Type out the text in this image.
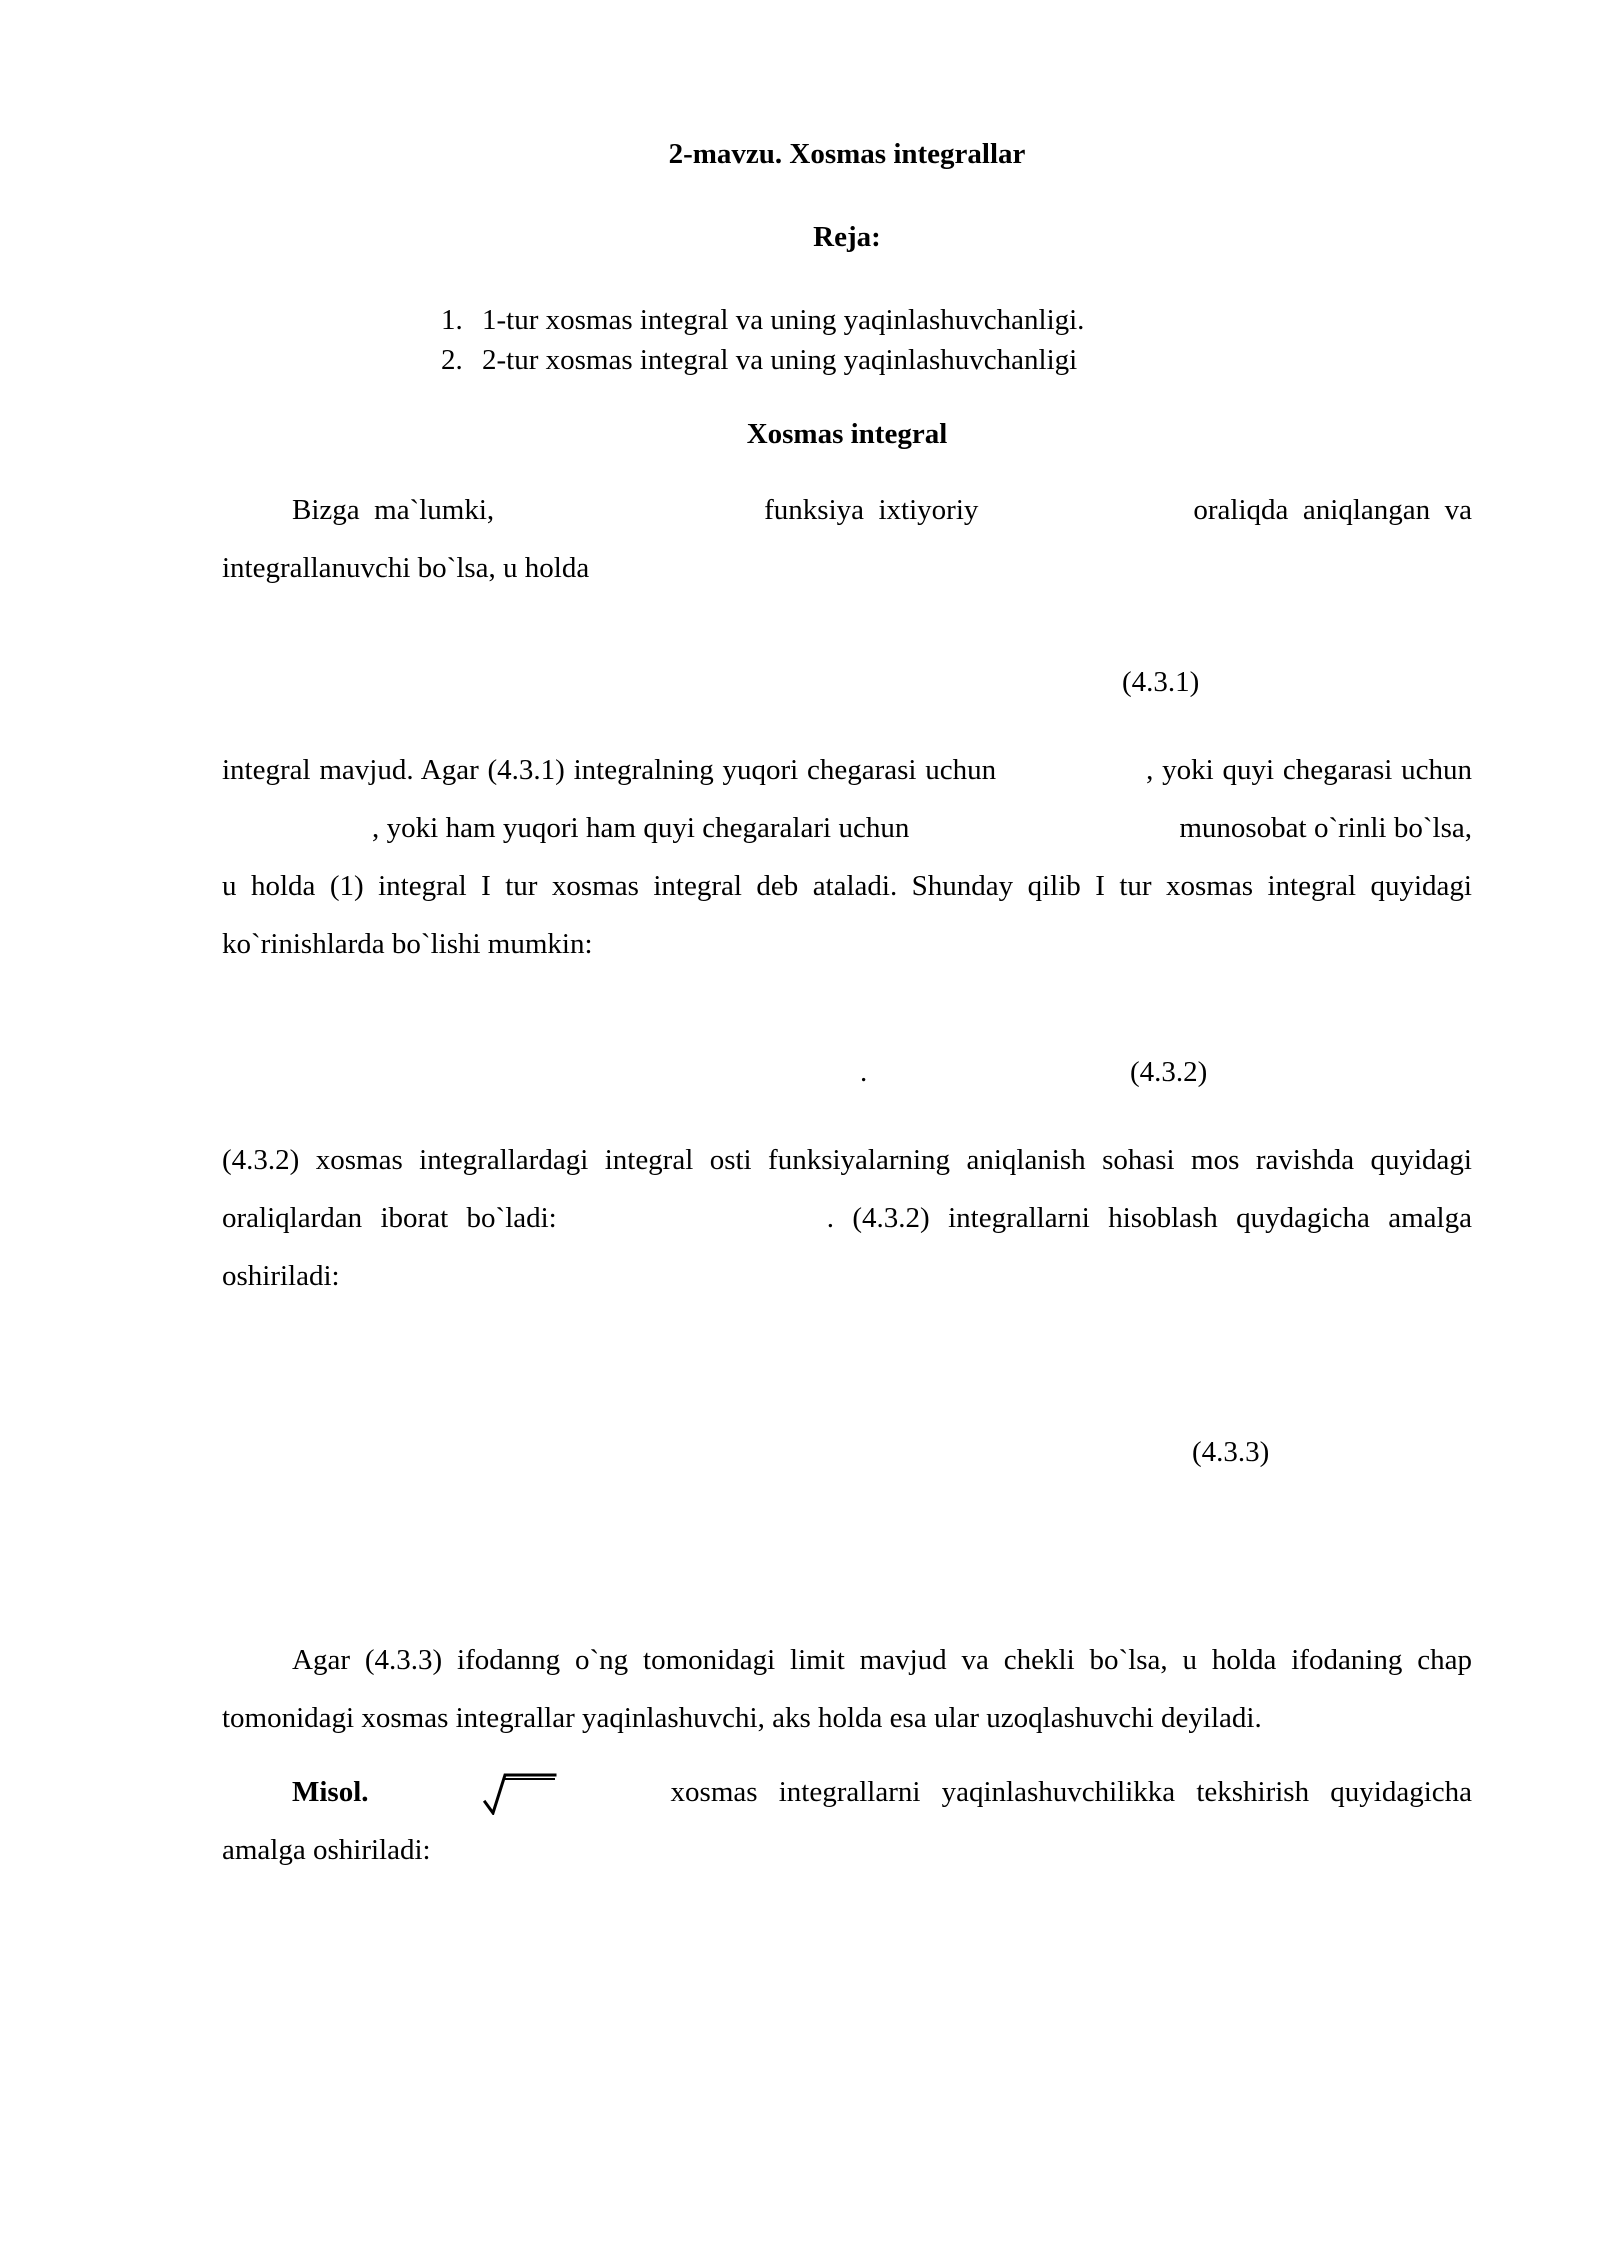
2-mavzu. Xosmas integrallar
Reja:
1. 1-tur xosmas integral va uning yaqinlashuvchanligi.
2. 2-tur xosmas integral va uning yaqinlashuvchanligi
Xosmas integral

Bizga ma`lumki,	funksiya ixtiyoriy	oraliqda aniqlangan va integrallanuvchi bo`lsa, u holda

(4.3.1)

integral mavjud. Agar (4.3.1) integralning yuqori chegarasi uchun	, yoki quyi chegarasi uchun, yoki ham yuqori ham quyi chegaralari uchun	munosobat o`rinli bo`lsa, u holda (1) integral I tur xosmas integral deb ataladi. Shunday qilib I tur xosmas integral quyidagi ko`rinishlarda bo`lishi mumkin:

.	(4.3.2)

(4.3.2) xosmas integrallardagi integral osti funksiyalarning aniqlanish sohasi mos ravishda quyidagi oraliqlardan iborat bo`ladi:	. (4.3.2) integrallarni hisoblash quydagicha amalga oshiriladi:

(4.3.3)

Agar (4.3.3) ifodanng o`ng tomonidagi limit mavjud va chekli bo`lsa, u holda ifodaning chap tomonidagi xosmas integrallar yaqinlashuvchi, aks holda esa ular uzoqlashuvchi deyiladi.

Misol.	xosmas integrallarni yaqinlashuvchilikka tekshirish quyidagicha amalga oshiriladi:
